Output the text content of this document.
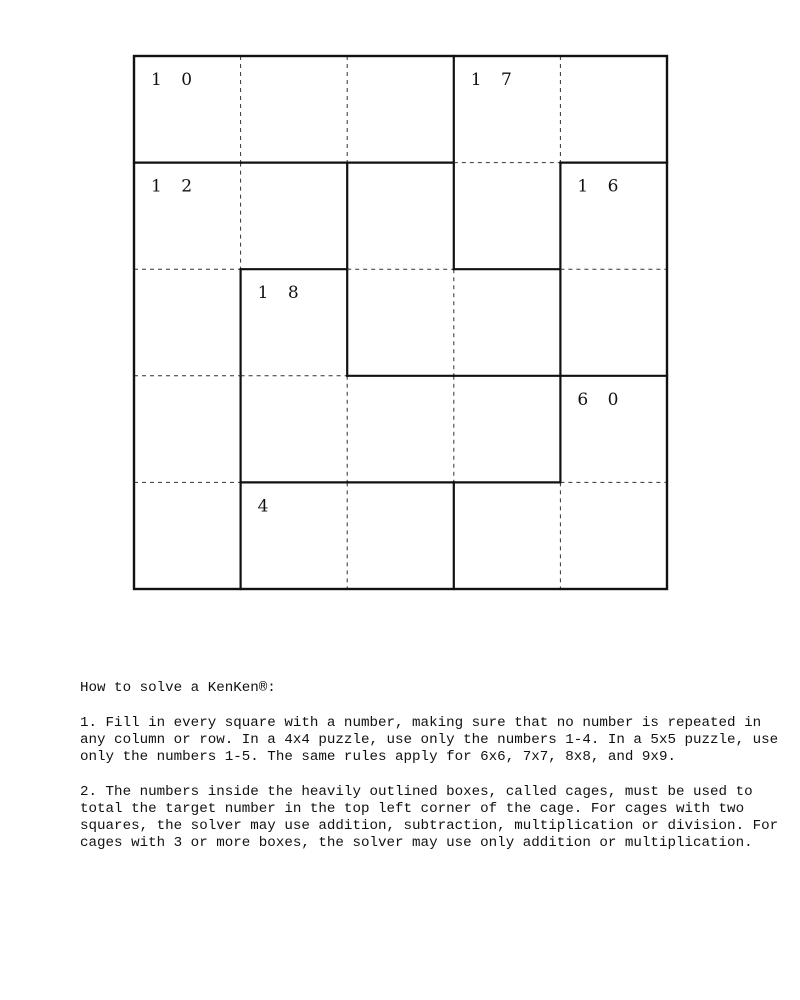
1 0	1 7
1 2	1 6
1 8
6 0
4

How to solve a KenKen®:

1. Fill in every square with a number, making sure that no number is repeated in any column or row. In a 4x4 puzzle, use only the numbers 1-4. In a 5x5 puzzle, use only the numbers 1-5. The same rules apply for 6x6, 7x7, 8x8, and 9x9.

2. The numbers inside the heavily outlined boxes, called cages, must be used to total the target number in the top left corner of the cage. For cages with two squares, the solver may use addition, subtraction, multiplication or division. For cages with 3 or more boxes, the solver may use only addition or multiplication.
